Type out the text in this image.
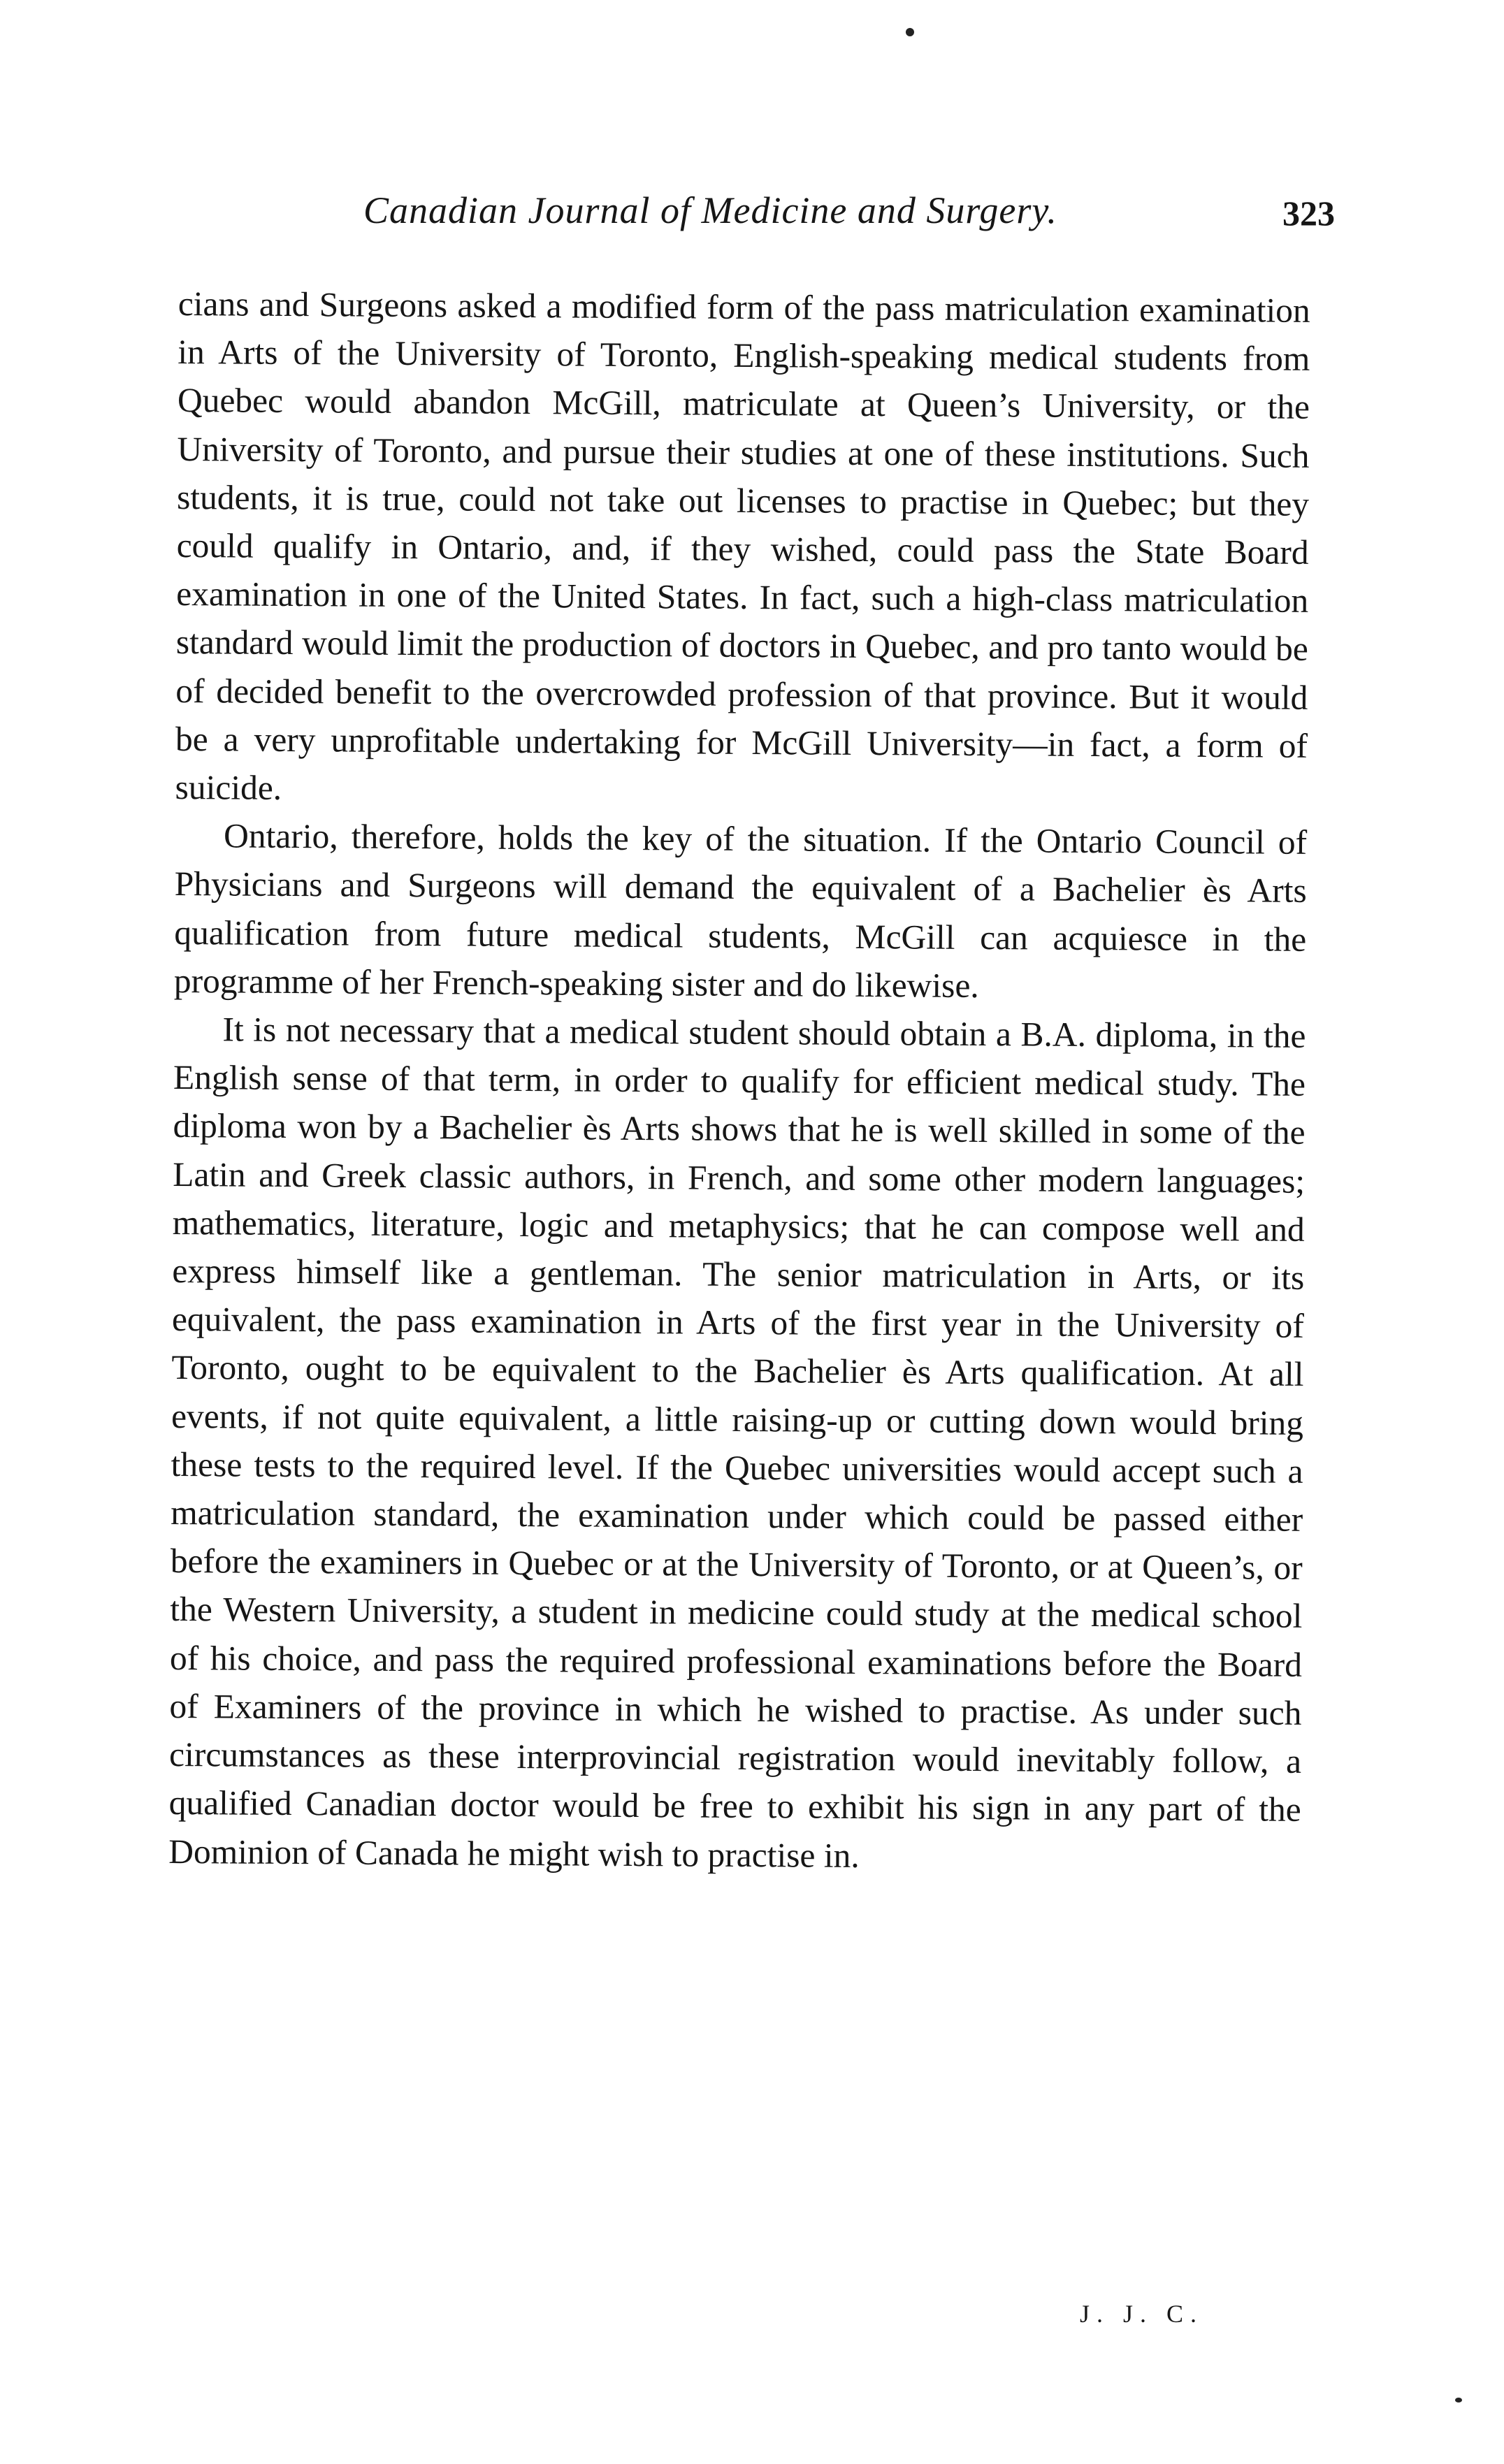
Canadian Journal of Medicine and Surgery.	323

cians and Surgeons asked a modified form of the pass matriculation examination in Arts of the University of Toronto, English-speaking medical students from Quebec would abandon McGill, matriculate at Queen’s University, or the University of Toronto, and pursue their studies at one of these institutions. Such students, it is true, could not take out licenses to practise in Quebec; but they could qualify in Ontario, and, if they wished, could pass the State Board examination in one of the United States. In fact, such a high-class matriculation standard would limit the production of doctors in Quebec, and pro tanto would be of decided benefit to the overcrowded profession of that province. But it would be a very unprofitable undertaking for McGill University—in fact, a form of suicide.

Ontario, therefore, holds the key of the situation. If the Ontario Council of Physicians and Surgeons will demand the equivalent of a Bachelier ès Arts qualification from future medical students, McGill can acquiesce in the programme of her French-speaking sister and do likewise.

It is not necessary that a medical student should obtain a B.A. diploma, in the English sense of that term, in order to qualify for efficient medical study. The diploma won by a Bachelier ès Arts shows that he is well skilled in some of the Latin and Greek classic authors, in French, and some other modern languages; mathematics, literature, logic and metaphysics; that he can compose well and express himself like a gentleman. The senior matriculation in Arts, or its equivalent, the pass examination in Arts of the first year in the University of Toronto, ought to be equivalent to the Bachelier ès Arts qualification. At all events, if not quite equivalent, a little raising-up or cutting down would bring these tests to the required level. If the Quebec universities would accept such a matriculation standard, the examination under which could be passed either before the examiners in Quebec or at the University of Toronto, or at Queen’s, or the Western University, a student in medicine could study at the medical school of his choice, and pass the required professional examinations before the Board of Examiners of the province in which he wished to practise. As under such circumstances as these interprovincial registration would inevitably follow, a qualified Canadian doctor would be free to exhibit his sign in any part of the Dominion of Canada he might wish to practise in.

J. J. C.
